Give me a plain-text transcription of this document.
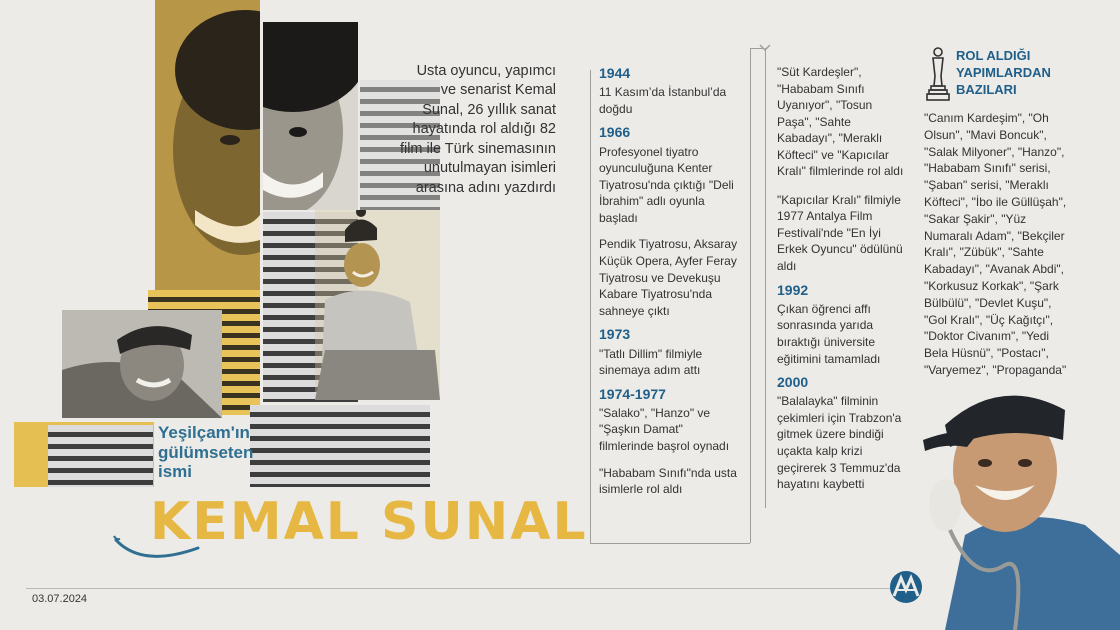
Usta oyuncu, yapımcı ve senarist Kemal Sunal, 26 yıllık sanat hayatında rol aldığı 82 film ile Türk sinemasının unutulmayan isimleri arasına adını yazdırdı
Yeşilçam'ın gülümseten ismi
KEMAL SUNAL
03.07.2024
1944
11 Kasım’da İstanbul’da doğdu
1966
Profesyonel tiyatro oyunculuğuna Kenter Tiyatrosu'nda çıktığı "Deli İbrahim" adlı oyunla başladı
Pendik Tiyatrosu, Aksaray Küçük Opera, Ayfer Feray Tiyatrosu ve Devekuşu Kabare Tiyatrosu'nda sahneye çıktı
1973
"Tatlı Dillim" filmiyle sinemaya adım attı
1974-1977
"Salako", "Hanzo" ve "Şaşkın Damat" filmlerinde başrol oynadı
"Hababam Sınıfı"nda usta isimlerle rol aldı
"Süt Kardeşler", "Hababam Sınıfı Uyanıyor", "Tosun Paşa", "Sahte Kabadayı", "Meraklı Köfteci" ve "Kapıcılar Kralı" filmlerinde rol aldı
"Kapıcılar Kralı" filmiyle 1977 Antalya Film Festivali'nde "En İyi Erkek Oyuncu" ödülünü aldı
1992
Çıkan öğrenci affı sonrasında yarıda bıraktığı üniversite eğitimini tamamladı
2000
"Balalayka" filminin çekimleri için Trabzon'a gitmek üzere bindiği uçakta kalp krizi geçirerek 3 Temmuz'da hayatını kaybetti
ROL ALDIĞI YAPIMLARDAN BAZILARI
"Canım Kardeşim", "Oh Olsun", "Mavi Boncuk", "Salak Milyoner", "Hanzo", "Hababam Sınıfı" serisi, "Şaban" serisi, "Meraklı Köfteci", "İbo ile Güllüşah", "Sakar Şakir", "Yüz Numaralı Adam", "Bekçiler Kralı", "Zübük", "Sahte Kabadayı", "Avanak Abdi", "Korkusuz Korkak", "Şark Bülbülü", "Devlet Kuşu", "Gol Kralı", "Üç Kağıtçı", "Doktor Civanım", "Yedi Bela Hüsnü", "Postacı", "Varyemez", "Propaganda"
